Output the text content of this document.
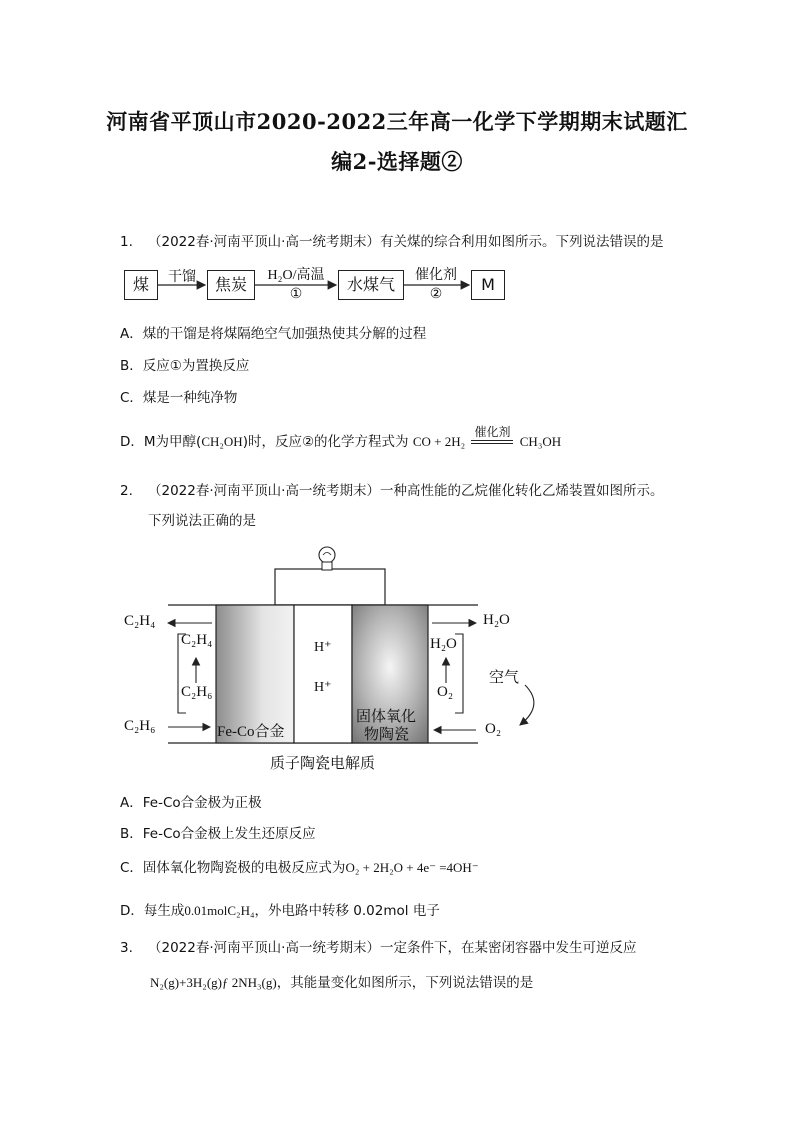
河南省平顶山市2020-2022三年高一化学下学期期末试题汇
编2-选择题②
1. （2022春·河南平顶山·高一统考期末）有关煤的综合利用如图所示。下列说法错误的是
煤	焦炭	水煤气	M
干馏	H₂O/高温
①
催化剂
②
A．煤的干馏是将煤隔绝空气加强热使其分解的过程
B．反应①为置换反应
C．煤是一种纯净物
D．M为甲醇(CH₂OH)时，反应②的化学方程式为 CO + 2H₂
催化剂
CH₃OH
2. （2022春·河南平顶山·高一统考期末）一种高性能的乙烷催化转化乙烯装置如图所示。
下列说法正确的是
C₂H₄
C₂H₄
C₂H₆
C₂H₆
H⁺
H⁺
Fe-Co合金
固体氧化
物陶瓷
H₂O
H₂O
O₂
空气
O₂
质子陶瓷电解质
A．Fe-Co合金极为正极
B．Fe-Co合金极上发生还原反应
C．固体氧化物陶瓷极的电极反应式为O₂ + 2H₂O + 4e⁻ =4OH⁻
D．每生成0.01molC₂H₄，外电路中转移 0.02mol 电子
3. （2022春·河南平顶山·高一统考期末）一定条件下，在某密闭容器中发生可逆反应
N₂(g)+3H₂(g)ƒ 2NH₃(g)，其能量变化如图所示，下列说法错误的是
